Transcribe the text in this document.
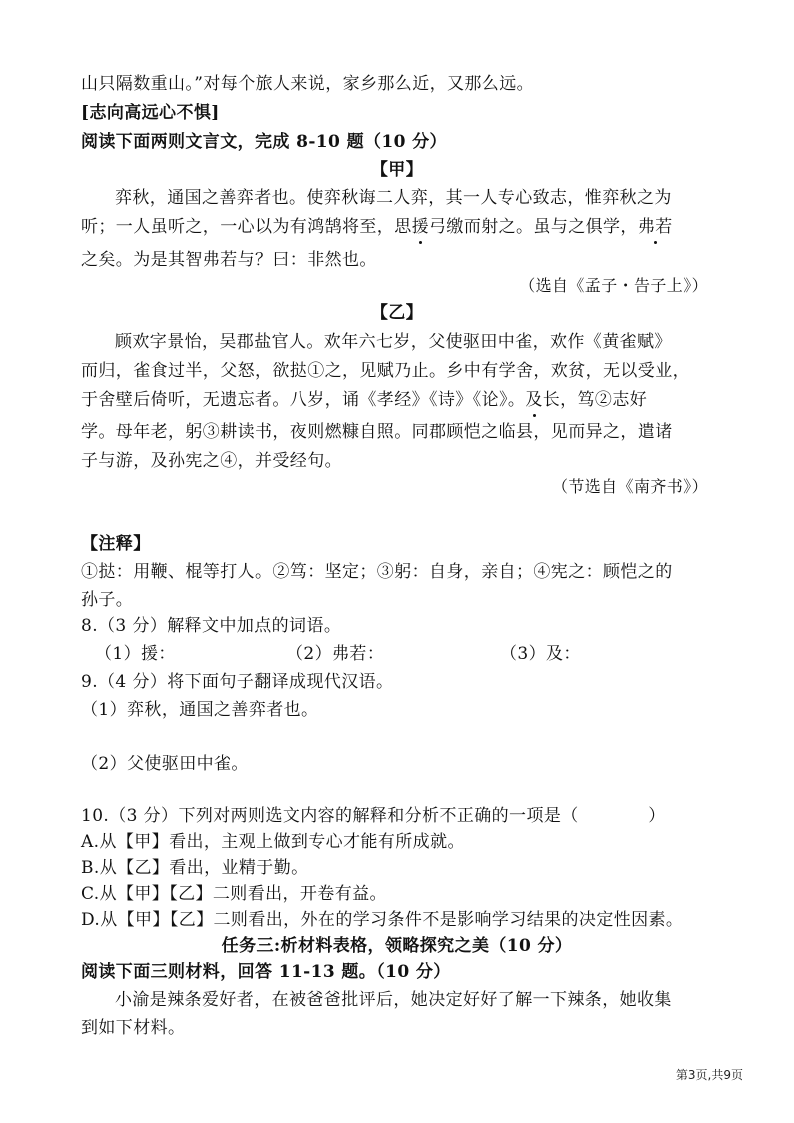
山只隔数重山。”对每个旅人来说，家乡那么近，又那么远。
[志向高远心不惧]
阅读下面两则文言文，完成 8-10 题（10 分）
【甲】
弈秋，通国之善弈者也。使弈秋诲二人弈，其一人专心致志，惟弈秋之为
听；一人虽听之，一心以为有鸿鹄将至，思援弓缴而射之。虽与之俱学，弗若
之矣。为是其智弗若与？曰：非然也。
（选自《孟子・告子上》）
【乙】
顾欢字景怡，吴郡盐官人。欢年六七岁，父使驱田中雀，欢作《黄雀赋》
而归，雀食过半，父怒，欲挞①之，见赋乃止。乡中有学舍，欢贫，无以受业，
于舍壁后倚听，无遗忘者。八岁，诵《孝经》《诗》《论》。及长，笃②志好
学。母年老，躬③耕读书，夜则燃糠自照。同郡顾恺之临县，见而异之，遣诸
子与游，及孙宪之④，并受经句。
（节选自《南齐书》）
【注释】
①挞：用鞭、棍等打人。②笃：坚定；③躬：自身，亲自；④宪之：顾恺之的
孙子。
8.（3 分）解释文中加点的词语。
（1）援：	（2）弗若：	（3）及：
9.（4 分）将下面句子翻译成现代汉语。
（1）弈秋，通国之善弈者也。
（2）父使驱田中雀。
10.（3 分）下列对两则选文内容的解释和分析不正确的一项是（　　　　）
A.从【甲】看出，主观上做到专心才能有所成就。
B.从【乙】看出，业精于勤。
C.从【甲】【乙】二则看出，开卷有益。
D.从【甲】【乙】二则看出，外在的学习条件不是影响学习结果的决定性因素。
任务三:析材料表格，领略探究之美（10 分）
阅读下面三则材料，回答 11-13 题。（10 分）
小渝是辣条爱好者，在被爸爸批评后，她决定好好了解一下辣条，她收集
到如下材料。
第3页,共9页
